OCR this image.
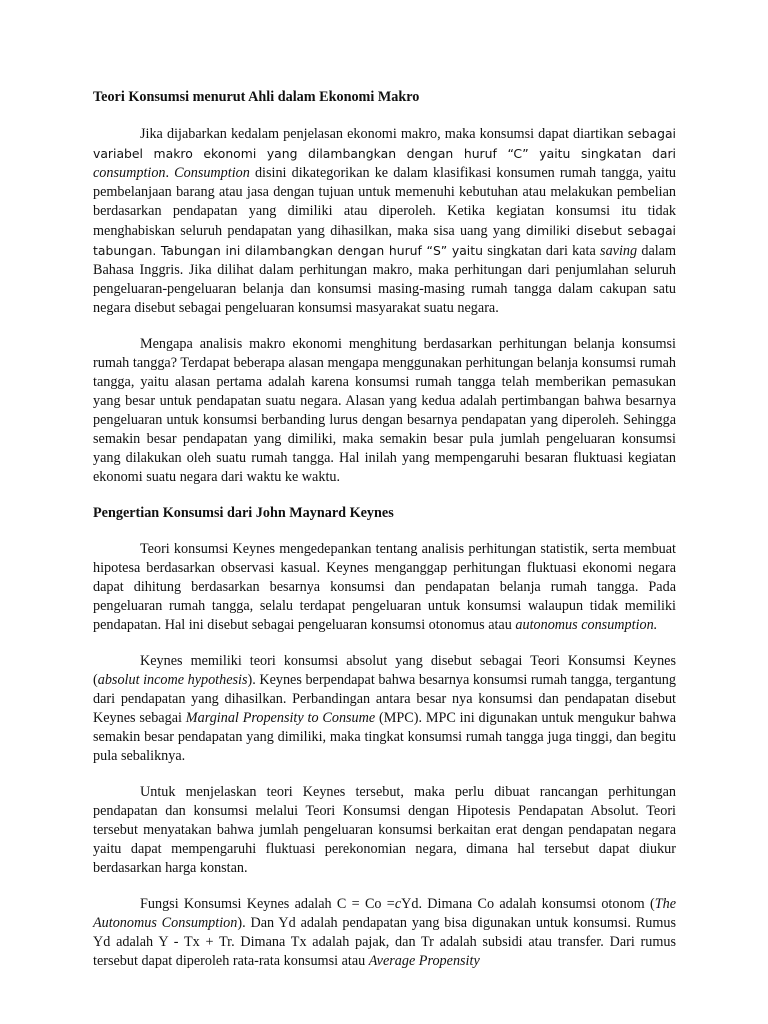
Teori Konsumsi menurut Ahli dalam Ekonomi Makro

Jika dijabarkan kedalam penjelasan ekonomi makro, maka konsumsi dapat diartikan sebagai variabel makro ekonomi yang dilambangkan dengan huruf “C” yaitu singkatan dari consumption. Consumption disini dikategorikan ke dalam klasifikasi konsumen rumah tangga, yaitu pembelanjaan barang atau jasa dengan tujuan untuk memenuhi kebutuhan atau melakukan pembelian berdasarkan pendapatan yang dimiliki atau diperoleh. Ketika kegiatan konsumsi itu tidak menghabiskan seluruh pendapatan yang dihasilkan, maka sisa uang yang dimiliki disebut sebagai tabungan. Tabungan ini dilambangkan dengan huruf “S” yaitu singkatan dari kata saving dalam Bahasa Inggris. Jika dilihat dalam perhitungan makro, maka perhitungan dari penjumlahan seluruh pengeluaran-pengeluaran belanja dan konsumsi masing-masing rumah tangga dalam cakupan satu negara disebut sebagai pengeluaran konsumsi masyarakat suatu negara.

Mengapa analisis makro ekonomi menghitung berdasarkan perhitungan belanja konsumsi rumah tangga? Terdapat beberapa alasan mengapa menggunakan perhitungan belanja konsumsi rumah tangga, yaitu alasan pertama adalah karena konsumsi rumah tangga telah memberikan pemasukan yang besar untuk pendapatan suatu negara. Alasan yang kedua adalah pertimbangan bahwa besarnya pengeluaran untuk konsumsi berbanding lurus dengan besarnya pendapatan yang diperoleh. Sehingga semakin besar pendapatan yang dimiliki, maka semakin besar pula jumlah pengeluaran konsumsi yang dilakukan oleh suatu rumah tangga. Hal inilah yang mempengaruhi besaran fluktuasi kegiatan ekonomi suatu negara dari waktu ke waktu.

Pengertian Konsumsi dari John Maynard Keynes

Teori konsumsi Keynes mengedepankan tentang analisis perhitungan statistik, serta membuat hipotesa berdasarkan observasi kasual. Keynes menganggap perhitungan fluktuasi ekonomi negara dapat dihitung berdasarkan besarnya konsumsi dan pendapatan belanja rumah tangga. Pada pengeluaran rumah tangga, selalu terdapat pengeluaran untuk konsumsi walaupun tidak memiliki pendapatan. Hal ini disebut sebagai pengeluaran konsumsi otonomus atau autonomus consumption.

Keynes memiliki teori konsumsi absolut yang disebut sebagai Teori Konsumsi Keynes (absolut income hypothesis). Keynes berpendapat bahwa besarnya konsumsi rumah tangga, tergantung dari pendapatan yang dihasilkan. Perbandingan antara besar nya konsumsi dan pendapatan disebut Keynes sebagai Marginal Propensity to Consume (MPC). MPC ini digunakan untuk mengukur bahwa semakin besar pendapatan yang dimiliki, maka tingkat konsumsi rumah tangga juga tinggi, dan begitu pula sebaliknya.

Untuk menjelaskan teori Keynes tersebut, maka perlu dibuat rancangan perhitungan pendapatan dan konsumsi melalui Teori Konsumsi dengan Hipotesis Pendapatan Absolut. Teori tersebut menyatakan bahwa jumlah pengeluaran konsumsi berkaitan erat dengan pendapatan negara yaitu dapat mempengaruhi fluktuasi perekonomian negara, dimana hal tersebut dapat diukur berdasarkan harga konstan.

Fungsi Konsumsi Keynes adalah C = Co =cYd. Dimana Co adalah konsumsi otonom (The Autonomus Consumption). Dan Yd adalah pendapatan yang bisa digunakan untuk konsumsi. Rumus Yd adalah Y - Tx + Tr. Dimana Tx adalah pajak, dan Tr adalah subsidi atau transfer. Dari rumus tersebut dapat diperoleh rata-rata konsumsi atau Average Propensity
